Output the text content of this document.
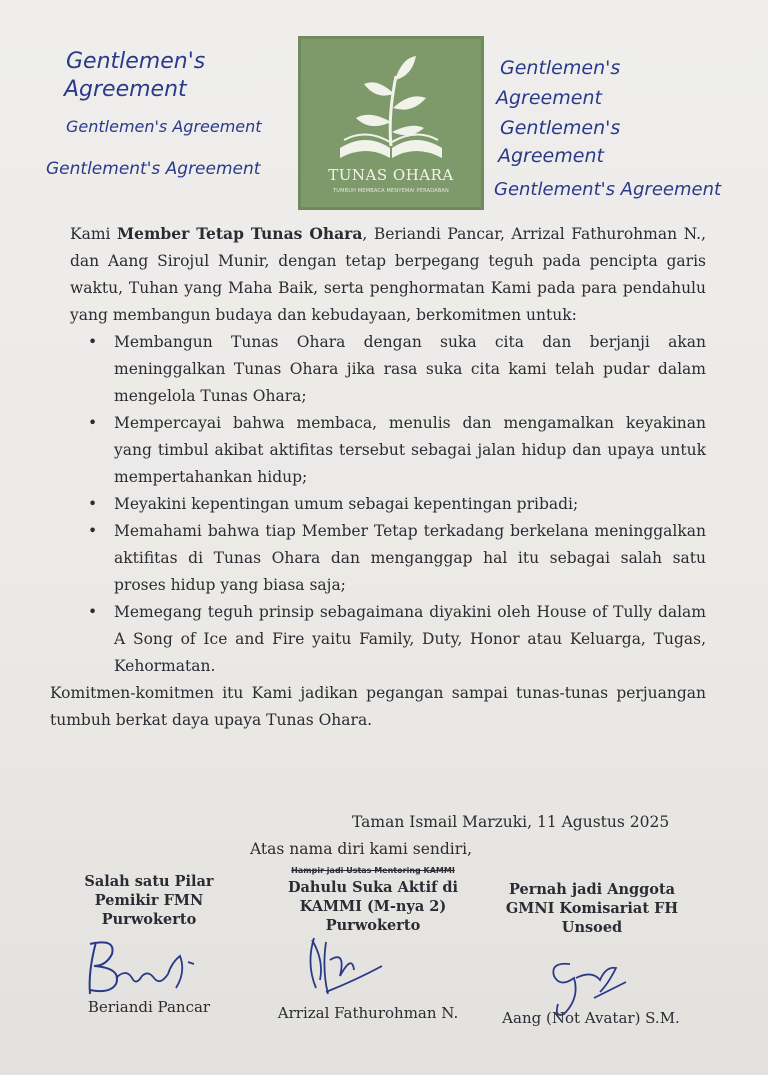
Gentlemen's
Agreement
Gentlemen's Agreement
Gentlement's Agreement
Gentlemen's
Agreement
Gentlemen's
Agreement
Gentlement's Agreement
TUNAS OHARA
TUMBUH MEMBACA MENYEMAI PERADABAN

Kami Member Tetap Tunas Ohara, Beriandi Pancar, Arrizal Fathurohman N., dan Aang Sirojul Munir, dengan tetap berpegang teguh pada pencipta garis waktu, Tuhan yang Maha Baik, serta penghormatan Kami pada para pendahulu yang membangun budaya dan kebudayaan, berkomitmen untuk:

• Membangun Tunas Ohara dengan suka cita dan berjanji akan meninggalkan Tunas Ohara jika rasa suka cita kami telah pudar dalam mengelola Tunas Ohara;
• Mempercayai bahwa membaca, menulis dan mengamalkan keyakinan yang timbul akibat aktifitas tersebut sebagai jalan hidup dan upaya untuk mempertahankan hidup;
• Meyakini kepentingan umum sebagai kepentingan pribadi;
• Memahami bahwa tiap Member Tetap terkadang berkelana meninggalkan aktifitas di Tunas Ohara dan menganggap hal itu sebagai salah satu proses hidup yang biasa saja;
• Memegang teguh prinsip sebagaimana diyakini oleh House of Tully dalam A Song of Ice and Fire yaitu Family, Duty, Honor atau Keluarga, Tugas, Kehormatan.

Komitmen-komitmen itu Kami jadikan pegangan sampai tunas-tunas perjuangan tumbuh berkat daya upaya Tunas Ohara.

Taman Ismail Marzuki, 11 Agustus 2025
Atas nama diri kami sendiri,
Salah satu Pilar Pemikir FMN Purwokerto
Beriandi Pancar
Hampir jadi Ustas Mentoring KAMMI
Dahulu Suka Aktif di KAMMI (M-nya 2) Purwokerto
Arrizal Fathurohman N.
Pernah jadi Anggota GMNI Komisariat FH Unsoed
Aang (Not Avatar) S.M.
